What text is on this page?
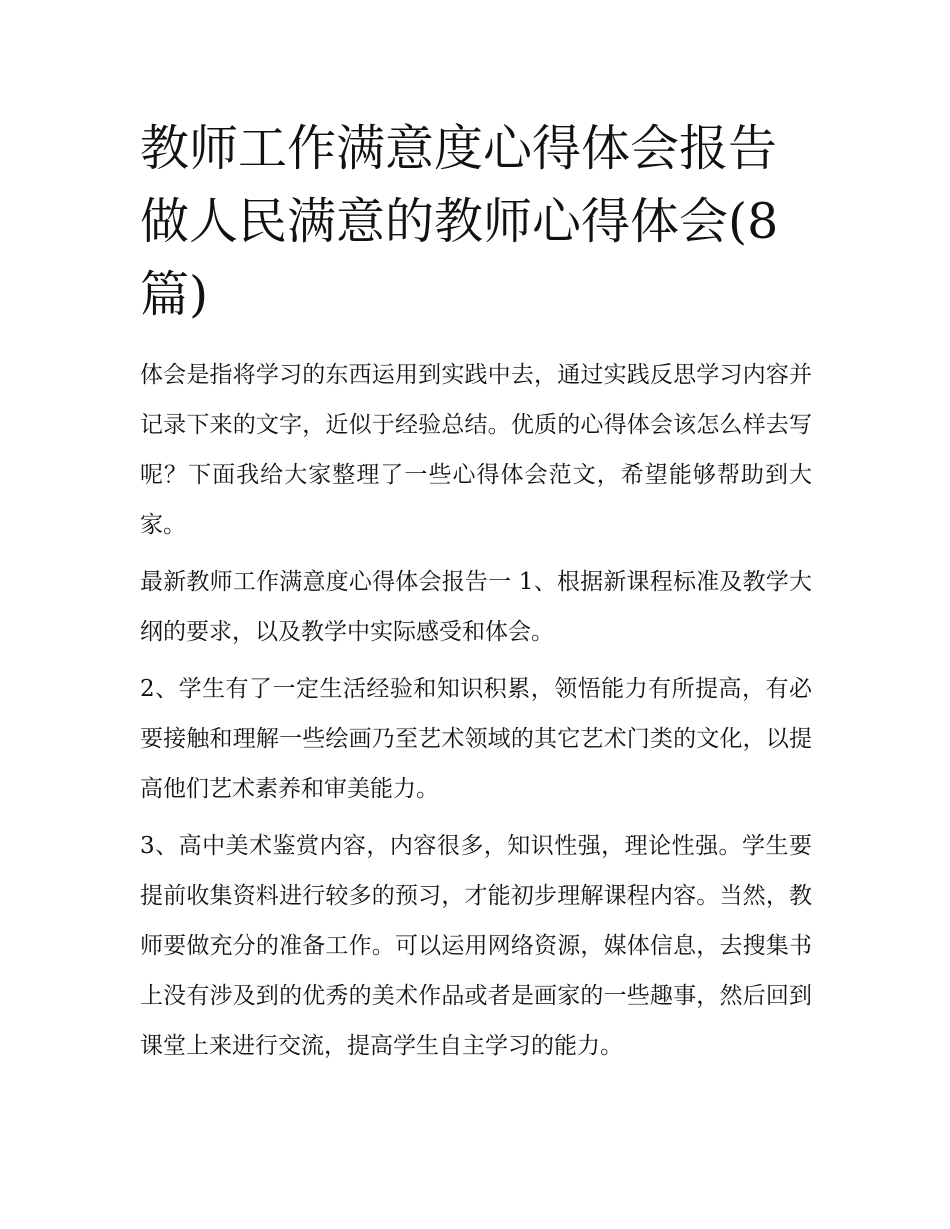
教师工作满意度心得体会报告做人民满意的教师心得体会(8篇)

体会是指将学习的东西运用到实践中去，通过实践反思学习内容并记录下来的文字，近似于经验总结。优质的心得体会该怎么样去写呢？下面我给大家整理了一些心得体会范文，希望能够帮助到大家。

最新教师工作满意度心得体会报告一 1、根据新课程标准及教学大纲的要求，以及教学中实际感受和体会。

2、学生有了一定生活经验和知识积累，领悟能力有所提高，有必要接触和理解一些绘画乃至艺术领域的其它艺术门类的文化，以提高他们艺术素养和审美能力。

3、高中美术鉴赏内容，内容很多，知识性强，理论性强。学生要提前收集资料进行较多的预习，才能初步理解课程内容。当然，教师要做充分的准备工作。可以运用网络资源，媒体信息，去搜集书上没有涉及到的优秀的美术作品或者是画家的一些趣事，然后回到课堂上来进行交流，提高学生自主学习的能力。
